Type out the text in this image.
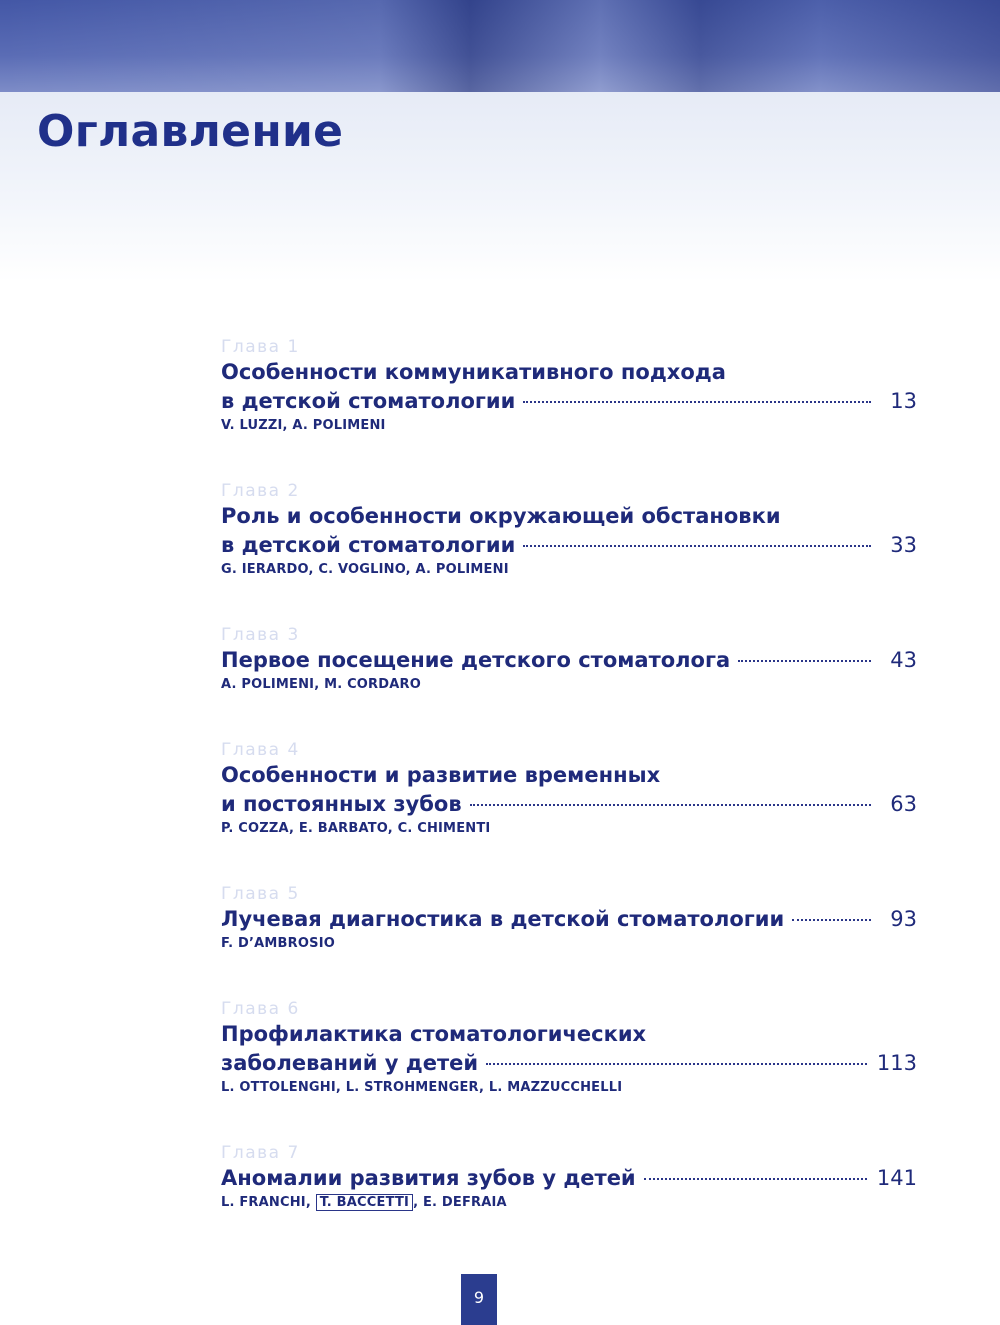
Оглавление
Глава 1
Особенности коммуникативного подхода
в детской стоматологии	13
V. LUZZI, A. POLIMENI
Глава 2
Роль и особенности окружающей обстановки
в детской стоматологии	33
G. IERARDO, C. VOGLINO, A. POLIMENI
Глава 3
Первое посещение детского стоматолога	43
A. POLIMENI, M. CORDARO
Глава 4
Особенности и развитие временных
и постоянных зубов	63
P. COZZA, E. BARBATO, C. CHIMENTI
Глава 5
Лучевая диагностика в детской стоматологии	93
F. D’AMBROSIO
Глава 6
Профилактика стоматологических
заболеваний у детей	113
L. OTTOLENGHI, L. STROHMENGER, L. MAZZUCCHELLI
Глава 7
Аномалии развития зубов у детей	141
L. FRANCHI, T. BACCETTI , E. DEFRAIA
9
